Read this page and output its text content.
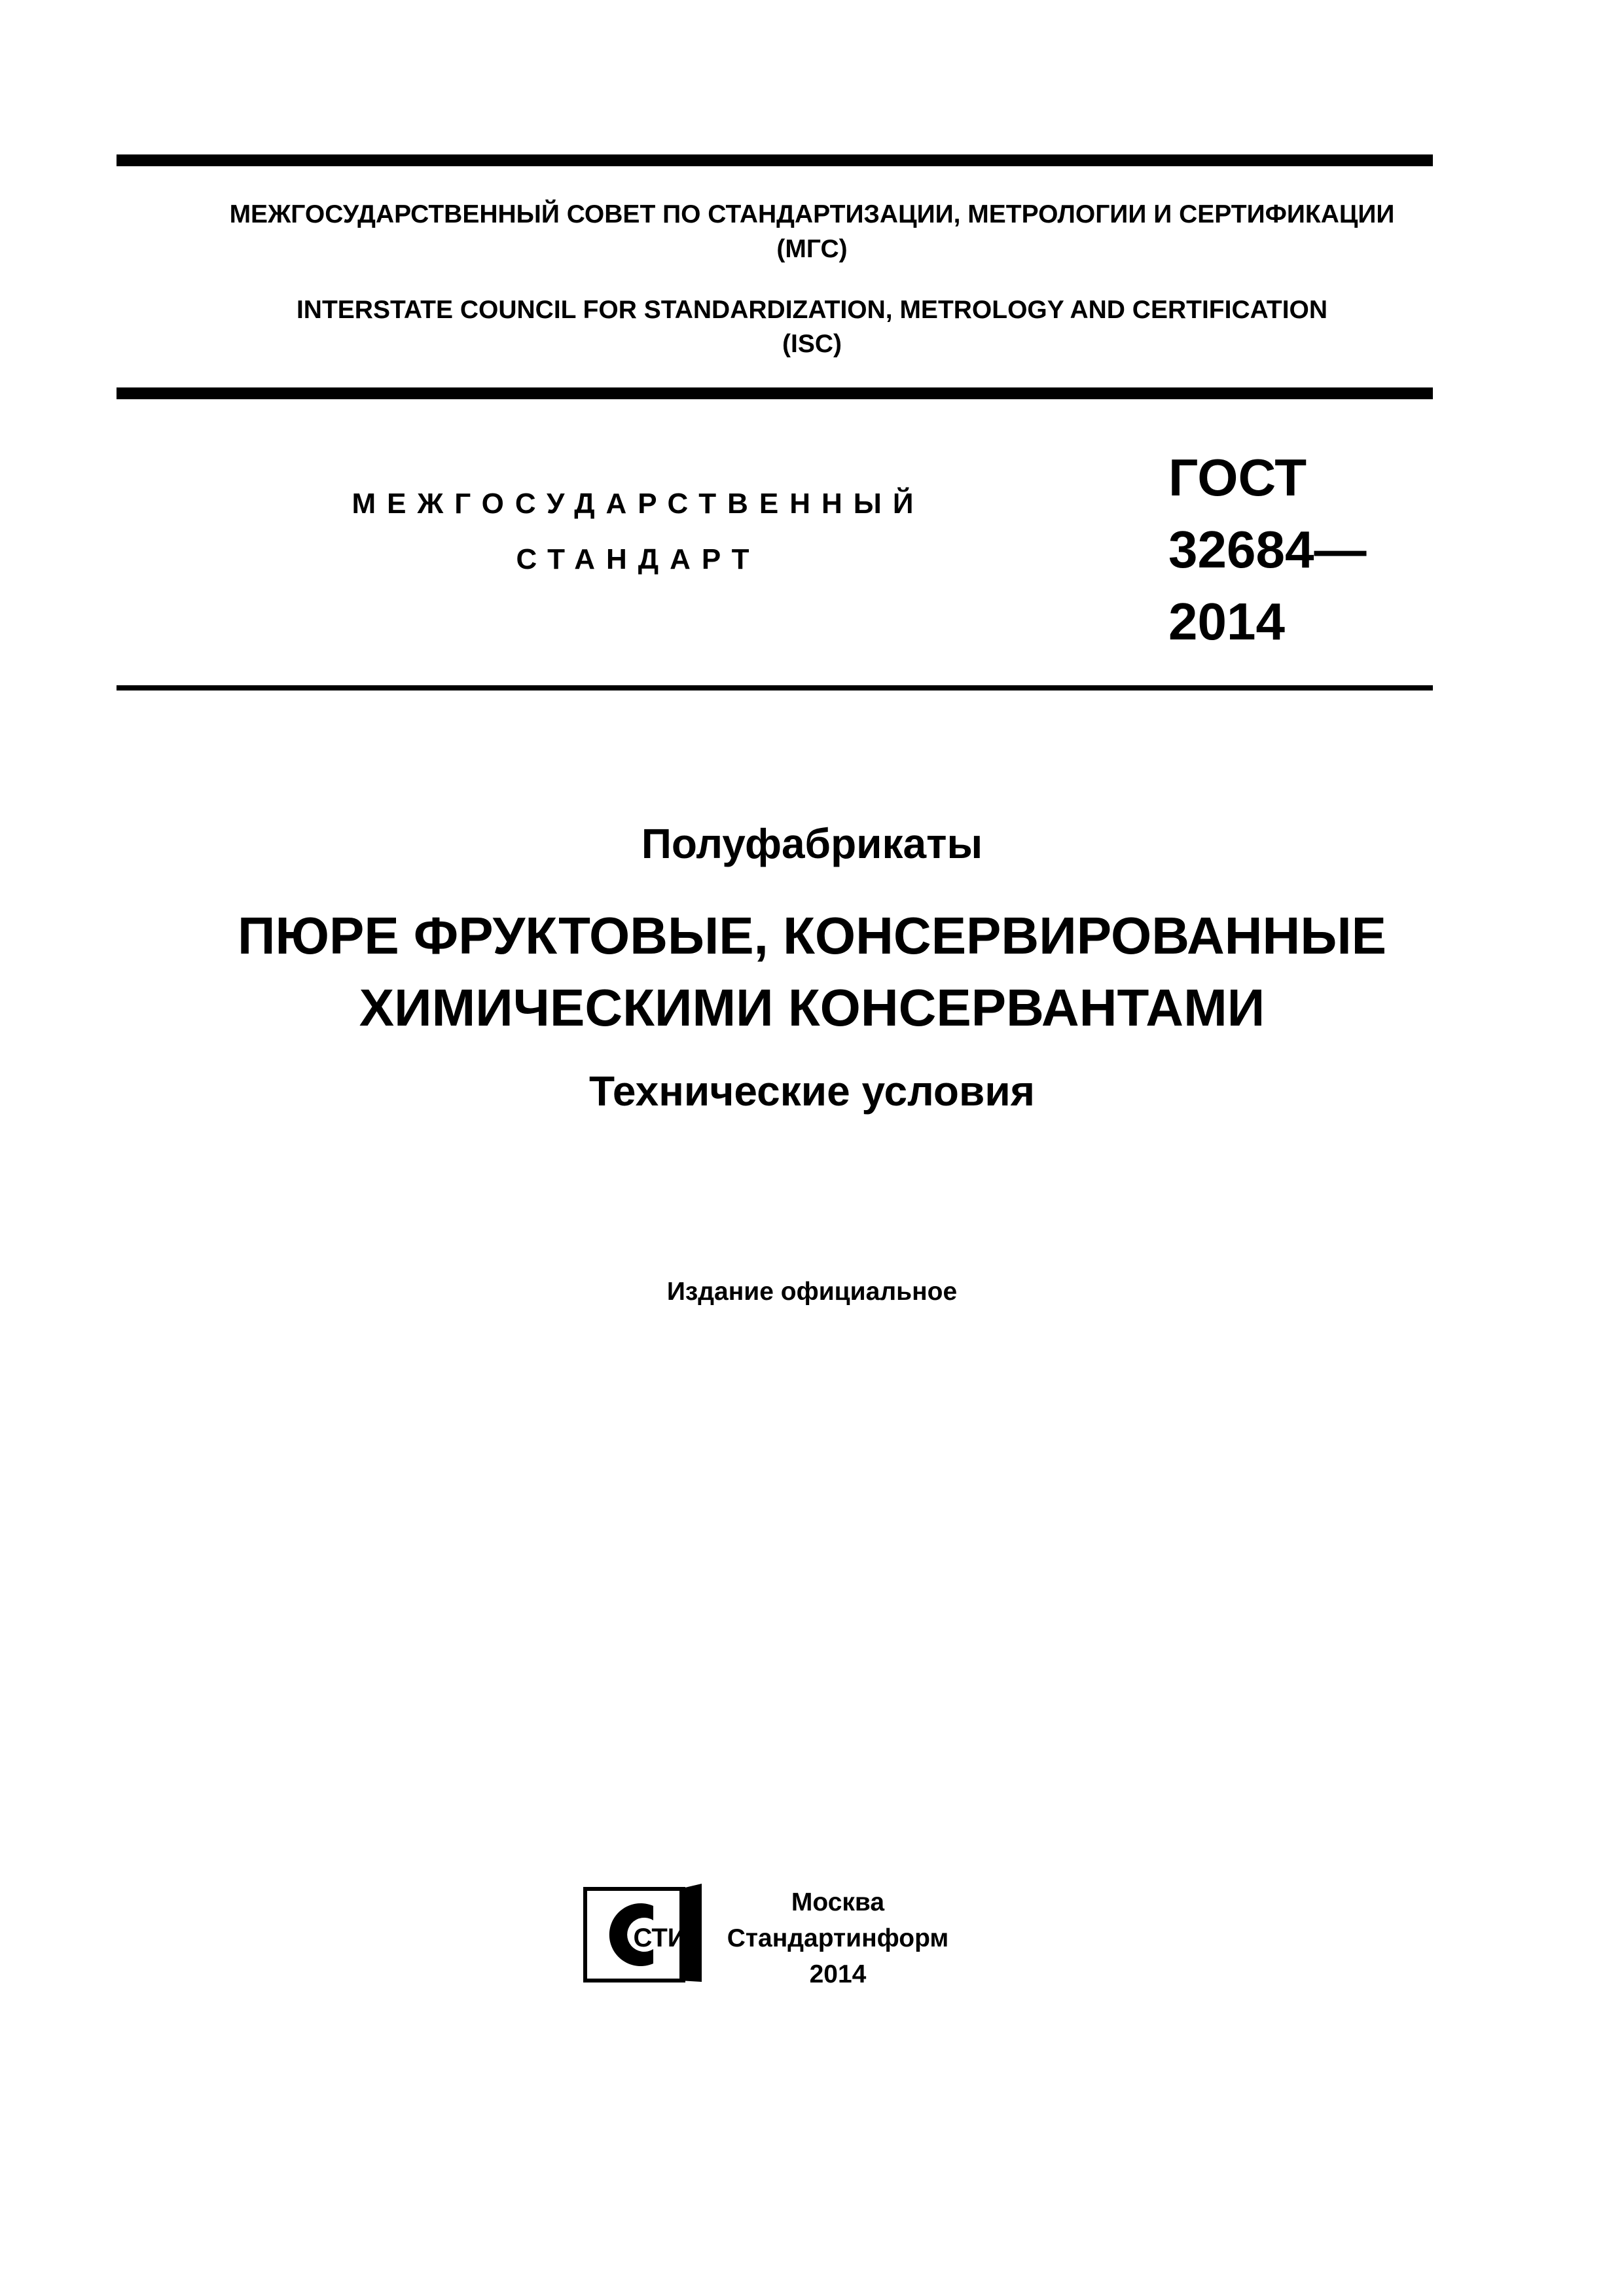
МЕЖГОСУДАРСТВЕННЫЙ СОВЕТ ПО СТАНДАРТИЗАЦИИ, МЕТРОЛОГИИ И СЕРТИФИКАЦИИ
(МГС)
INTERSTATE COUNCIL FOR STANDARDIZATION, METROLOGY AND CERTIFICATION
(ISC)
МЕЖГОСУДАРСТВЕННЫЙ
СТАНДАРТ
ГОСТ
32684—
2014
Полуфабрикаты
ПЮРЕ ФРУКТОВЫЕ, КОНСЕРВИРОВАННЫЕ
ХИМИЧЕСКИМИ КОНСЕРВАНТАМИ
Технические условия
Издание официальное
СТИ
Москва
Стандартинформ
2014
